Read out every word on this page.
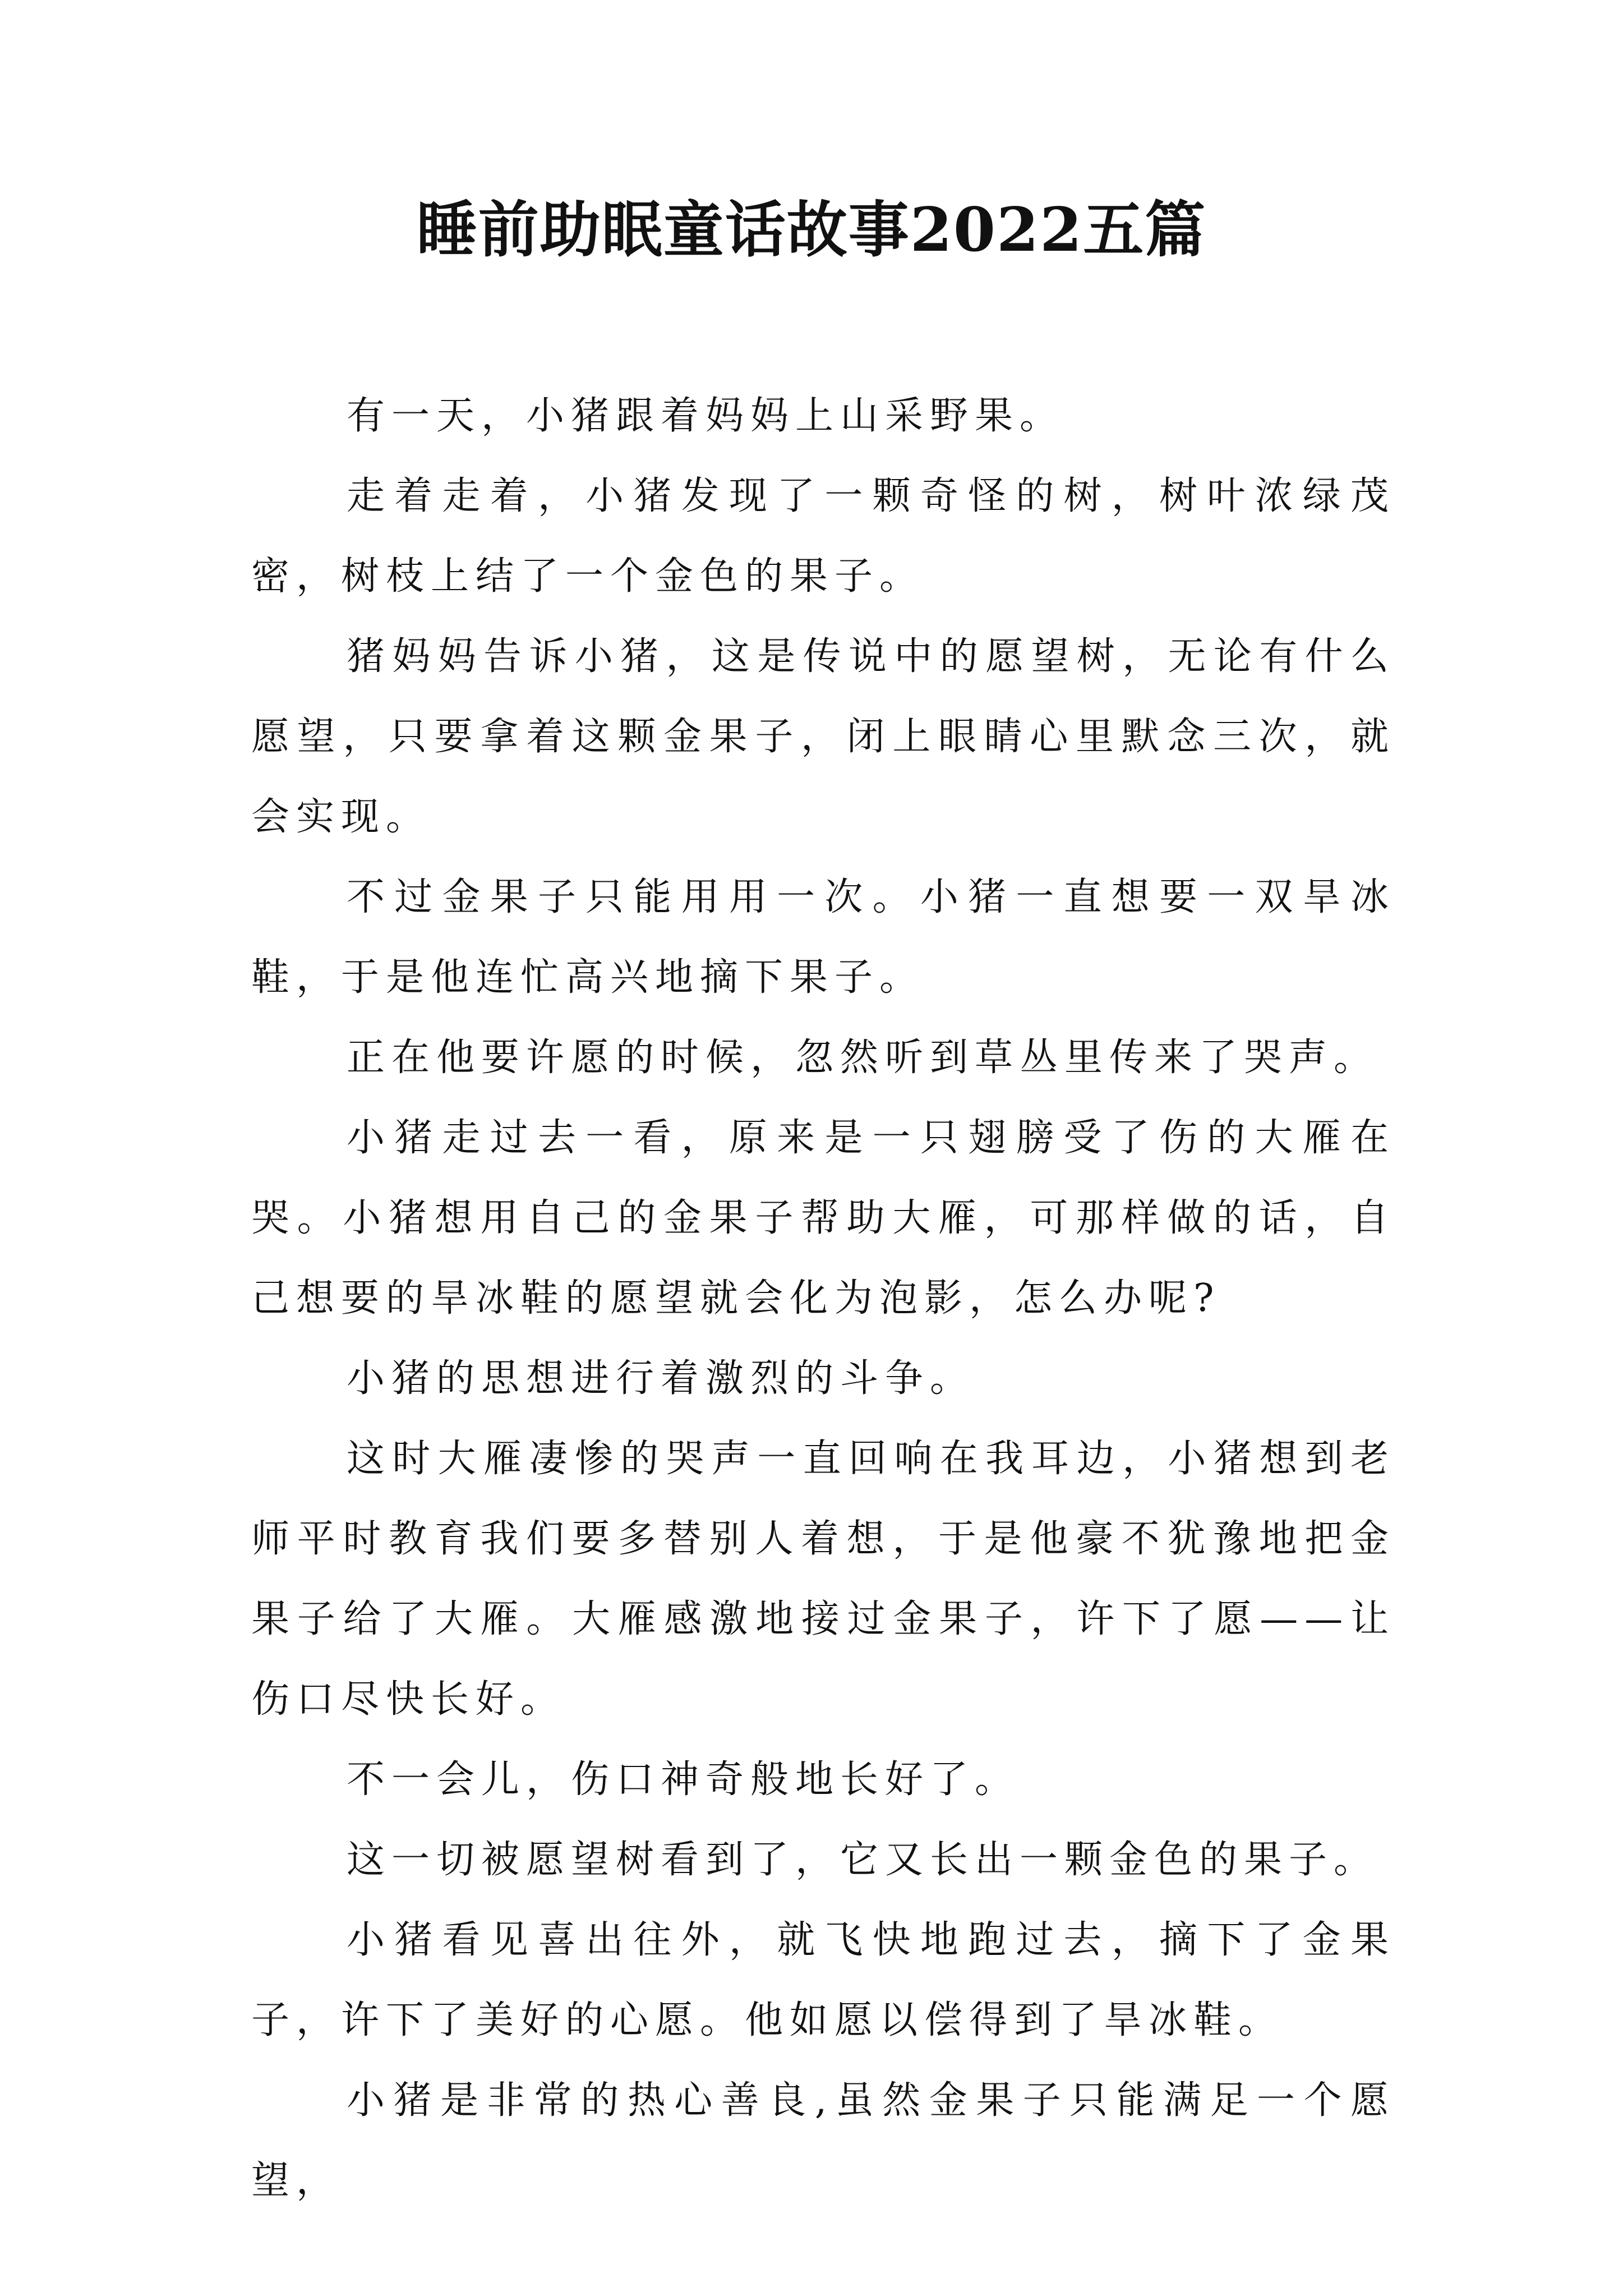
睡前助眠童话故事2022五篇

有一天，小猪跟着妈妈上山采野果。

走着走着，小猪发现了一颗奇怪的树，树叶浓绿茂密，树枝上结了一个金色的果子。

猪妈妈告诉小猪，这是传说中的愿望树，无论有什么愿望，只要拿着这颗金果子，闭上眼睛心里默念三次，就会实现。

不过金果子只能用用一次。小猪一直想要一双旱冰鞋，于是他连忙高兴地摘下果子。

正在他要许愿的时候，忽然听到草丛里传来了哭声。

小猪走过去一看，原来是一只翅膀受了伤的大雁在哭。小猪想用自己的金果子帮助大雁，可那样做的话，自己想要的旱冰鞋的愿望就会化为泡影，怎么办呢?

小猪的思想进行着激烈的斗争。

这时大雁凄惨的哭声一直回响在我耳边，小猪想到老师平时教育我们要多替别人着想，于是他豪不犹豫地把金果子给了大雁。大雁感激地接过金果子，许下了愿——让伤口尽快长好。

不一会儿，伤口神奇般地长好了。

这一切被愿望树看到了，它又长出一颗金色的果子。

小猪看见喜出往外，就飞快地跑过去，摘下了金果子，许下了美好的心愿。他如愿以偿得到了旱冰鞋。

小猪是非常的热心善良,虽然金果子只能满足一个愿望，
